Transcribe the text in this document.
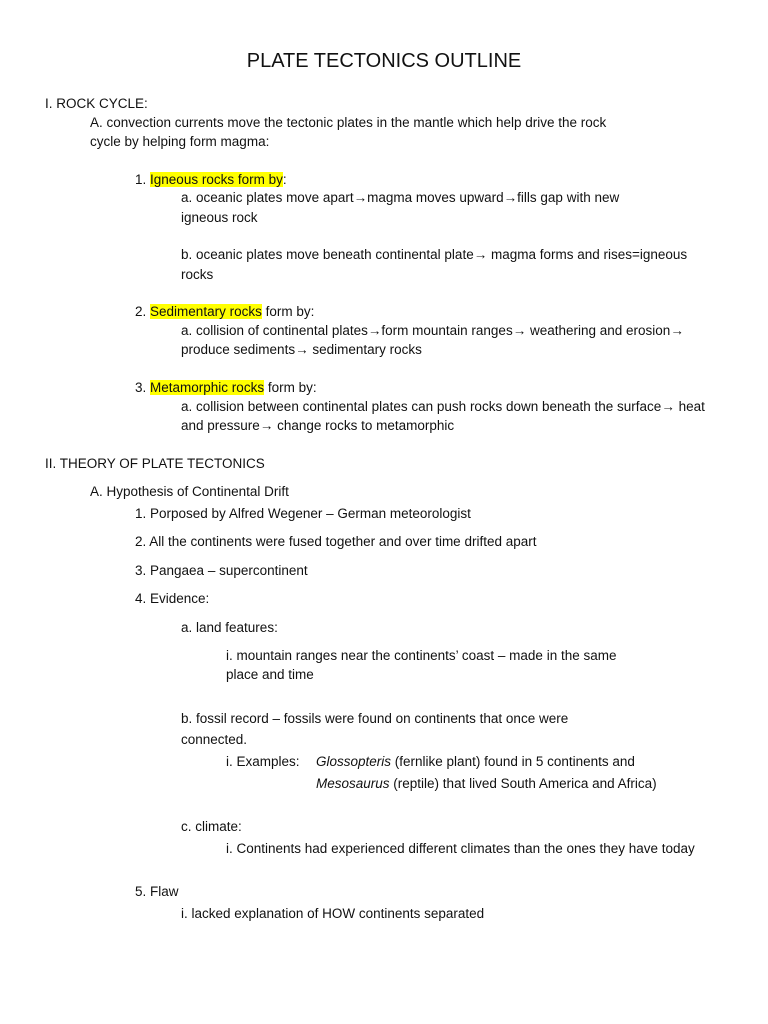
PLATE TECTONICS OUTLINE
I. ROCK CYCLE:
A. convection currents move the tectonic plates in the mantle which help drive the rock
cycle by helping form magma:
1. Igneous rocks form by:
a. oceanic plates move apart→magma moves upward→fills gap with new
igneous rock
b. oceanic plates move beneath continental plate→ magma forms and rises=igneous
rocks
2. Sedimentary rocks form by:
a. collision of continental plates→form mountain ranges→ weathering and erosion→
produce sediments→ sedimentary rocks
3. Metamorphic rocks form by:
a. collision between continental plates can push rocks down beneath the surface→ heat
and pressure→ change rocks to metamorphic
II. THEORY OF PLATE TECTONICS
A. Hypothesis of Continental Drift
1. Porposed by Alfred Wegener – German meteorologist
2. All the continents were fused together and over time drifted apart
3. Pangaea – supercontinent
4. Evidence:
a. land features:
i. mountain ranges near the continents’ coast – made in the same
place and time
b. fossil record – fossils were found on continents that once were
connected.
i. Examples: Glossopteris (fernlike plant) found in 5 continents and
Mesosaurus (reptile) that lived South America and Africa)
c. climate:
i. Continents had experienced different climates than the ones they have today
5. Flaw
i. lacked explanation of HOW continents separated
